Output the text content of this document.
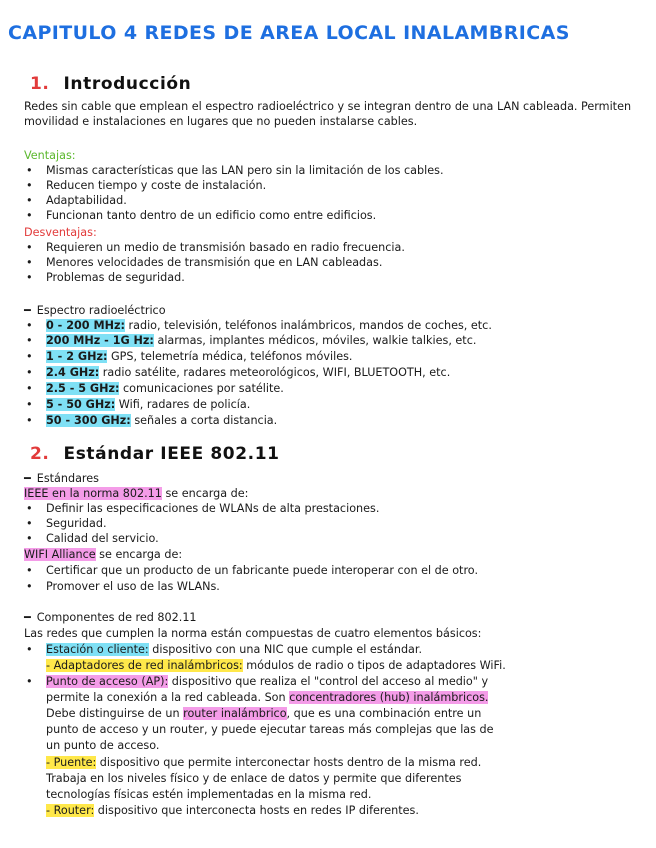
CAPITULO 4 REDES DE AREA LOCAL INALAMBRICAS
1. Introducción
Redes sin cable que emplean el espectro radioeléctrico y se integran dentro de una LAN cableada. Permiten movilidad e instalaciones en lugares que no pueden instalarse cables.
Ventajas:
• Mismas características que las LAN pero sin la limitación de los cables.
• Reducen tiempo y coste de instalación.
• Adaptabilidad.
• Funcionan tanto dentro de un edificio como entre edificios.
Desventajas:
• Requieren un medio de transmisión basado en radio frecuencia.
• Menores velocidades de transmisión que en LAN cableadas.
• Problemas de seguridad.
━ Espectro radioeléctrico
• 0 - 200 MHz: radio, televisión, teléfonos inalámbricos, mandos de coches, etc.
• 200 MHz - 1G Hz: alarmas, implantes médicos, móviles, walkie talkies, etc.
• 1 - 2 GHz: GPS, telemetría médica, teléfonos móviles.
• 2.4 GHz: radio satélite, radares meteorológicos, WIFI, BLUETOOTH, etc.
• 2.5 - 5 GHz: comunicaciones por satélite.
• 5 - 50 GHz: Wifi, radares de policía.
• 50 - 300 GHz: señales a corta distancia.
2. Estándar IEEE 802.11
━ Estándares
IEEE en la norma 802.11 se encarga de:
• Definir las especificaciones de WLANs de alta prestaciones.
• Seguridad.
• Calidad del servicio.
WIFI Alliance se encarga de:
• Certificar que un producto de un fabricante puede interoperar con el de otro.
• Promover el uso de las WLANs.
━ Componentes de red 802.11
Las redes que cumplen la norma están compuestas de cuatro elementos básicos:
• Estación o cliente: dispositivo con una NIC que cumple el estándar.
- Adaptadores de red inalámbricos: módulos de radio o tipos de adaptadores WiFi.
• Punto de acceso (AP): dispositivo que realiza el "control del acceso al medio" y
permite la conexión a la red cableada. Son concentradores (hub) inalámbricos.
Debe distinguirse de un router inalámbrico, que es una combinación entre un
punto de acceso y un router, y puede ejecutar tareas más complejas que las de
un punto de acceso.
- Puente: dispositivo que permite interconectar hosts dentro de la misma red.
Trabaja en los niveles físico y de enlace de datos y permite que diferentes
tecnologías físicas estén implementadas en la misma red.
- Router: dispositivo que interconecta hosts en redes IP diferentes.
